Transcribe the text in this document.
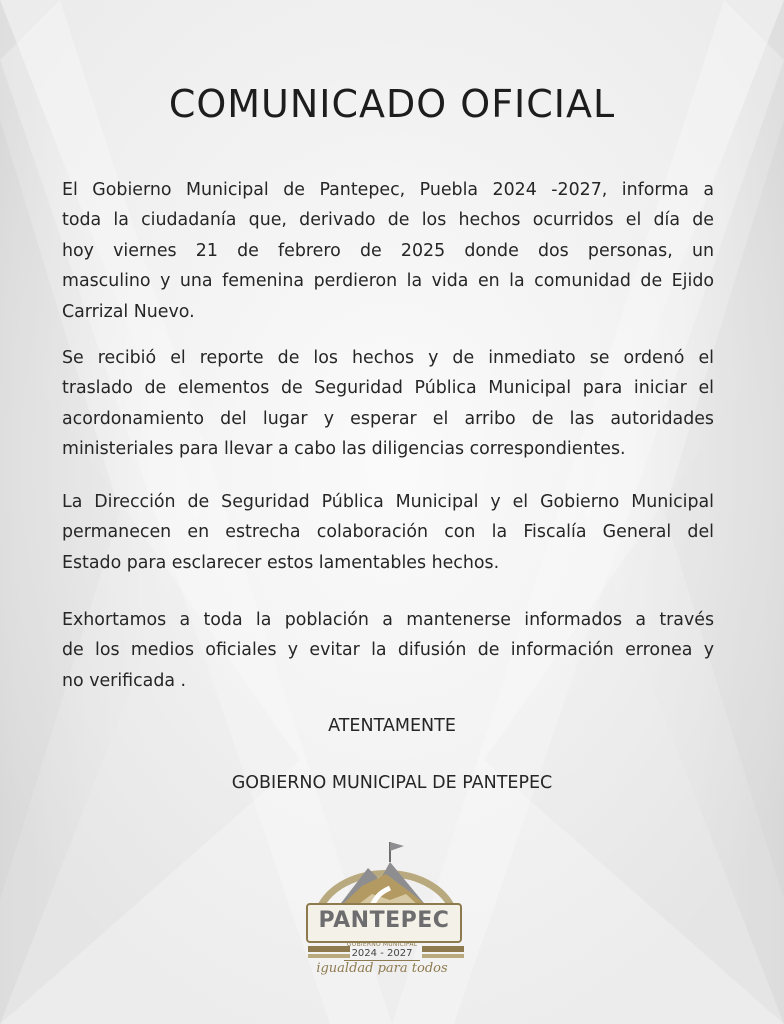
COMUNICADO OFICIAL
El Gobierno Municipal de Pantepec, Puebla 2024 -2027, informa a
toda la ciudadanía que, derivado de los hechos ocurridos el día de
hoy viernes 21 de febrero de 2025 donde dos personas, un
masculino y una femenina perdieron la vida en la comunidad de Ejido
Carrizal Nuevo.
Se recibió el reporte de los hechos y de inmediato se ordenó el
traslado de elementos de Seguridad Pública Municipal para iniciar el
acordonamiento del lugar y esperar el arribo de las autoridades
ministeriales para llevar a cabo las diligencias correspondientes.
La Dirección de Seguridad Pública Municipal y el Gobierno Municipal
permanecen en estrecha colaboración con la Fiscalía General del
Estado para esclarecer estos lamentables hechos.
Exhortamos a toda la población a mantenerse informados a través
de los medios oficiales y evitar la difusión de información erronea y
no verificada .
ATENTAMENTE
GOBIERNO MUNICIPAL DE PANTEPEC
PANTEPEC
GOBIERNO MUNICIPAL
2024 - 2027
igualdad para todos
